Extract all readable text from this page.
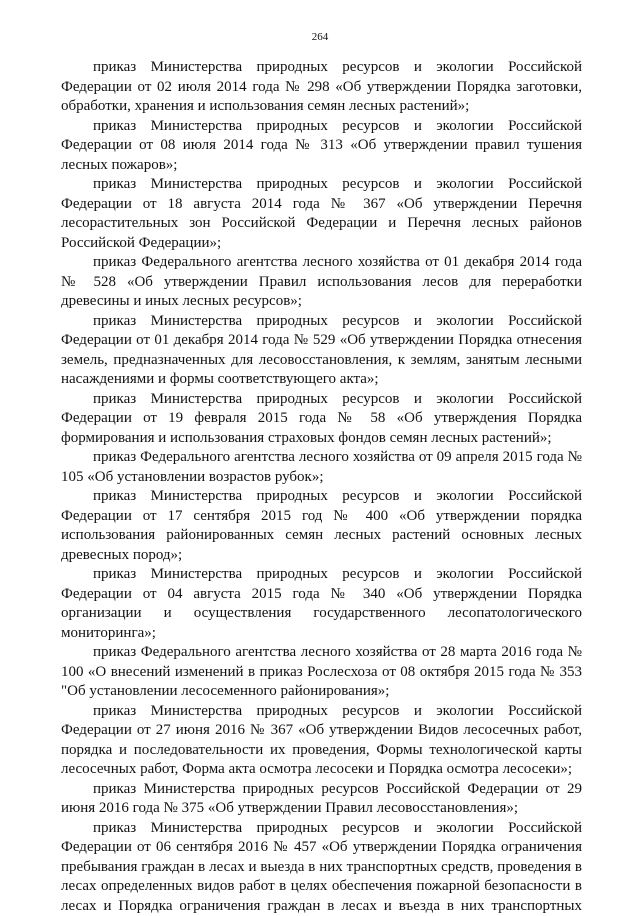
264

приказ Министерства природных ресурсов и экологии Российской Федерации от 02 июля 2014 года № 298 «Об утверждении Порядка заготовки, обработки, хранения и использования семян лесных растений»;

приказ Министерства природных ресурсов и экологии Российской Федерации от 08 июля 2014 года № 313 «Об утверждении правил тушения лесных пожаров»;

приказ Министерства природных ресурсов и экологии Российской Федерации от 18 августа 2014 года № 367 «Об утверждении Перечня лесорастительных зон Российской Федерации и Перечня лесных районов Российской Федерации»;

приказ Федерального агентства лесного хозяйства от 01 декабря 2014 года № 528 «Об утверждении Правил использования лесов для переработки древесины и иных лесных ресурсов»;

приказ Министерства природных ресурсов и экологии Российской Федерации от 01 декабря 2014 года № 529 «Об утверждении Порядка отнесения земель, предназначенных для лесовосстановления, к землям, занятым лесными насаждениями и формы соответствующего акта»;

приказ Министерства природных ресурсов и экологии Российской Федерации от 19 февраля 2015 года № 58 «Об утверждения Порядка формирования и использования страховых фондов семян лесных растений»;

приказ Федерального агентства лесного хозяйства от 09 апреля 2015 года № 105 «Об установлении возрастов рубок»;

приказ Министерства природных ресурсов и экологии Российской Федерации от 17 сентября 2015 год № 400 «Об утверждении порядка использования районированных семян лесных растений основных лесных древесных пород»;

приказ Министерства природных ресурсов и экологии Российской Федерации от 04 августа 2015 года № 340 «Об утверждении Порядка организации и осуществления государственного лесопатологического мониторинга»;

приказ Федерального агентства лесного хозяйства от 28 марта 2016 года № 100 «О внесений изменений в приказ Рослесхоза от 08 октября 2015 года № 353 "Об установлении лесосеменного районирования»;

приказ Министерства природных ресурсов и экологии Российской Федерации от 27 июня 2016 № 367 «Об утверждении Видов лесосечных работ, порядка и последовательности их проведения, Формы технологической карты лесосечных работ, Форма акта осмотра лесосеки и Порядка осмотра лесосеки»;

приказ Министерства природных ресурсов Российской Федерации от 29 июня 2016 года № 375 «Об утверждении Правил лесовосстановления»;

приказ Министерства природных ресурсов и экологии Российской Федерации от 06 сентября 2016 № 457 «Об утверждении Порядка ограничения пребывания граждан в лесах и выезда в них транспортных средств, проведения в лесах определенных видов работ в целях обеспечения пожарной безопасности в лесах и Порядка ограничения граждан в лесах и въезда в них транспортных
